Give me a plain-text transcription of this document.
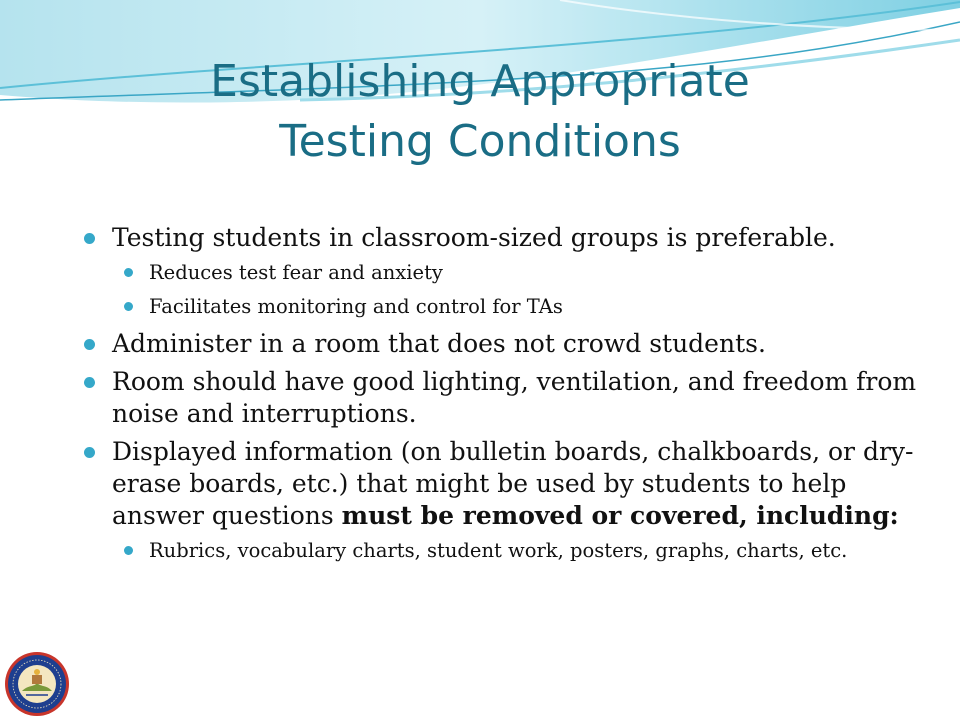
Establishing Appropriate
Testing Conditions
Testing students in classroom-sized groups is preferable.
Reduces test fear and anxiety
Facilitates monitoring and control for TAs
Administer in a room that does not crowd students.
Room should have good lighting, ventilation, and freedom from noise and interruptions.
Displayed information (on bulletin boards, chalkboards, or dry-erase boards, etc.) that might be used by students to help answer questions must be removed or covered, including:
Rubrics, vocabulary charts, student work, posters, graphs, charts, etc.
